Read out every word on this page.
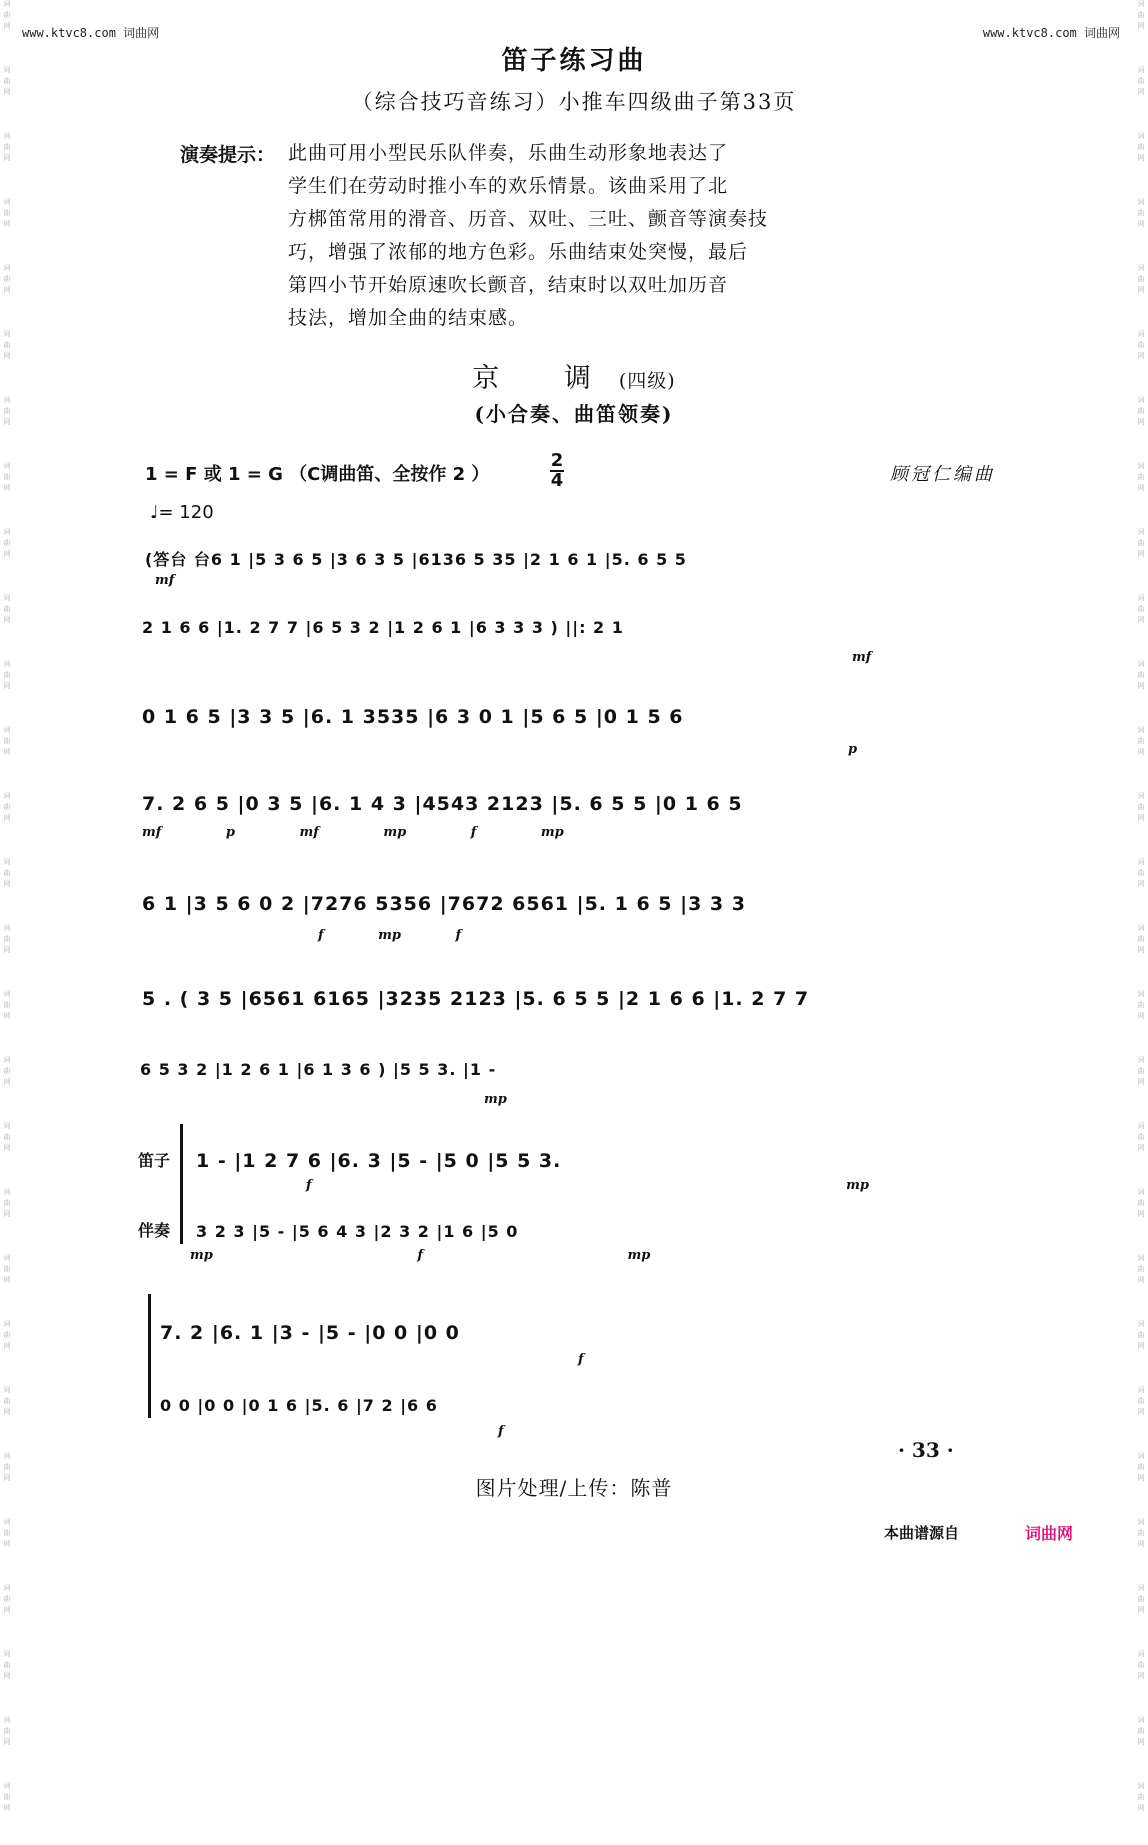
词
曲
网
词
曲
网
词
曲
网
词
曲
网
词
曲
网
词
曲
网
词
曲
网
词
曲
网
词
曲
网
词
曲
网
词
曲
网
词
曲
网
词
曲
网
词
曲
网
词
曲
网
词
曲
网
词
曲
网
词
曲
网
词
曲
网
词
曲
网
词
曲
网
词
曲
网
词
曲
网
词
曲
网
词
曲
网
词
曲
网
词
曲
网
词
曲
网
词
曲
网
词
曲
网
词
曲
网
词
曲
网
词
曲
网
词
曲
网
词
曲
网
词
曲
网
词
曲
网
词
曲
网
词
曲
网
词
曲
网
词
曲
网
词
曲
网
词
曲
网
词
曲
网
词
曲
网
词
曲
网
词
曲
网
词
曲
网
词
曲
网
词
曲
网
词
曲
网
词
曲
网
词
曲
网
词
曲
网
词
曲
网
词
曲
网
www.ktvc8.com 词曲网	www.ktvc8.com 词曲网
笛子练习曲
（综合技巧音练习）小推车四级曲子第33页
演奏提示： 此曲可用小型民乐队伴奏，乐曲生动形象地表达了
学生们在劳动时推小车的欢乐情景。该曲采用了北
方梆笛常用的滑音、历音、双吐、三吐、颤音等演奏技
巧，增强了浓郁的地方色彩。乐曲结束处突慢，最后
第四小节开始原速吹长颤音，结束时以双吐加历音
技法，增加全曲的结束感。
京 调(四级)
(小合奏、曲笛领奏)
1 = F 或 1 = G （C调曲笛、全按作 2 ）
2
4	顾冠仁编曲
♩= 120
(答台 台6 1 |5 3 6 5 |3 6 3 5 |6136 5 35 |2 1 6 1 |5. 6 5 5
mf
2 1 6 6 |1. 2 7 7 |6 5 3 2 |1 2 6 1 |6 3 3 3 ) ||: 2 1
mf
0 1 6 5 |3 3 5 |6. 1 3535 |6 3 0 1 |5 6 5 |0 1 5 6
p
7. 2 6 5 |0 3 5 |6. 1 4 3 |4543 2123 |5. 6 5 5 |0 1 6 5
mf p mf mp f mp
6 1 |3 5 6 0 2 |7276 5356 |7672 6561 |5. 1 6 5 |3 3 3
f mp f
5 . ( 3 5 |6561 6165 |3235 2123 |5. 6 5 5 |2 1 6 6 |1. 2 7 7
6 5 3 2 |1 2 6 1 |6 1 3 6 ) |5 5 3. |1 -
mp
笛子
伴奏
1 - |1 2 7 6 |6. 3 |5 - |5 0 |5 5 3.
f mp
3 2 3 |5 - |5 6 4 3 |2 3 2 |1 6 |5 0
mp f mp
7. 2 |6. 1 |3 - |5 - |0 0 |0 0
f
0 0 |0 0 |0 1 6 |5. 6 |7 2 |6 6
f
· 33 ·
图片处理/上传：陈普
本曲谱源自	词曲网
